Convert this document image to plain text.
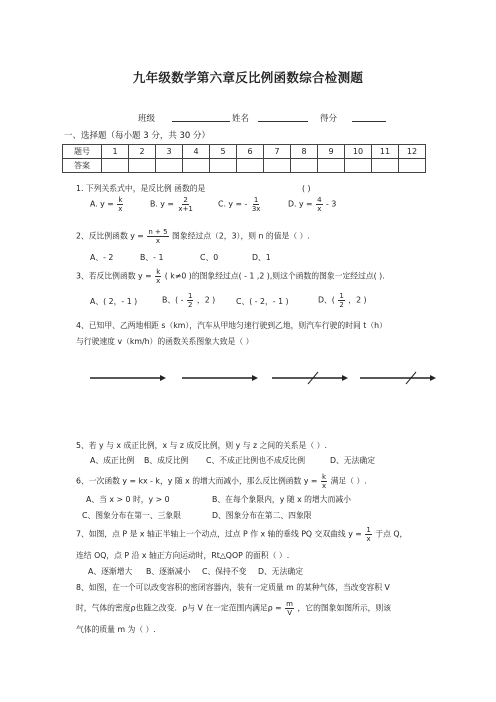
九年级数学第六章反比例函数综合检测题
班级	姓名	得分
一、选择题（每小题 3 分，共 30 分）
题号	1	2	3	4	5	6	7	8	9	10	11	12
答案												
1. 下列关系式中，是反比例 函数的是	( )
A. $y = \frac{k}{x}$	B. $y = \frac{2}{x+1}$	C. y = - $\frac{1}{3x}$	D. $y = \frac{4}{x} - 3$
2、反比例函数 $y = \frac{n + 5}{x}$ 图象经过点（2，3），则 n 的值是（ ）.
A、- 2	B、- 1	C、0	D、1
3、若反比例函数 $y = \frac{k}{x}$ ( k≠0 )的图象经过点( - 1 ,2 ),则这个函数的图象一定经过点( ).
A、( 2，- 1 )	B、( - $\frac{1}{2}$ ，2 )	C、( - 2，- 1 )	D、( $\frac{1}{2}$ ，2 )
4、已知甲、乙两地相距 s（km），汽车从甲地匀速行驶到乙地，则汽车行驶的时间 t（h）
与行驶速度 v（km/h）的函数关系图象大致是（ ）
5、若 y 与 x 成正比例，x 与 z 成反比例，则 y 与 z 之间的关系是（ ）.
A、成正比例 B、成反比例 C、不成正比例也不成反比例	D、无法确定
6、一次函数 y = kx - k，y 随 x 的增大而减小，那么反比例函数 $y = \frac{k}{x}$ 满足（ ）.
A、当 x > 0 时，y > 0	B、在每个象限内，y 随 x 的增大而减小
C、图象分布在第一、三象限	D、图象分布在第二、四象限
7、如图，点 P 是 x 轴正半轴上一个动点，过点 P 作 x 轴的垂线 PQ 交双曲线 $y = \frac{1}{x}$ 于点 Q，
连结 OQ，点 P 沿 x 轴正方向运动时，Rt△QOP 的面积（ ）.
A、逐渐增大 B、逐渐减小 C、保持不变 D、无法确定
8、如图，在一个可以改变容积的密闭容器内，装有一定质量 m 的某种气体，当改变容积 V
时，气体的密度ρ也随之改变．ρ与 V 在一定范围内满足$\rho = \frac{m}{V}$ ，它的图象如图所示，则该
气体的质量 m 为（ ）.
